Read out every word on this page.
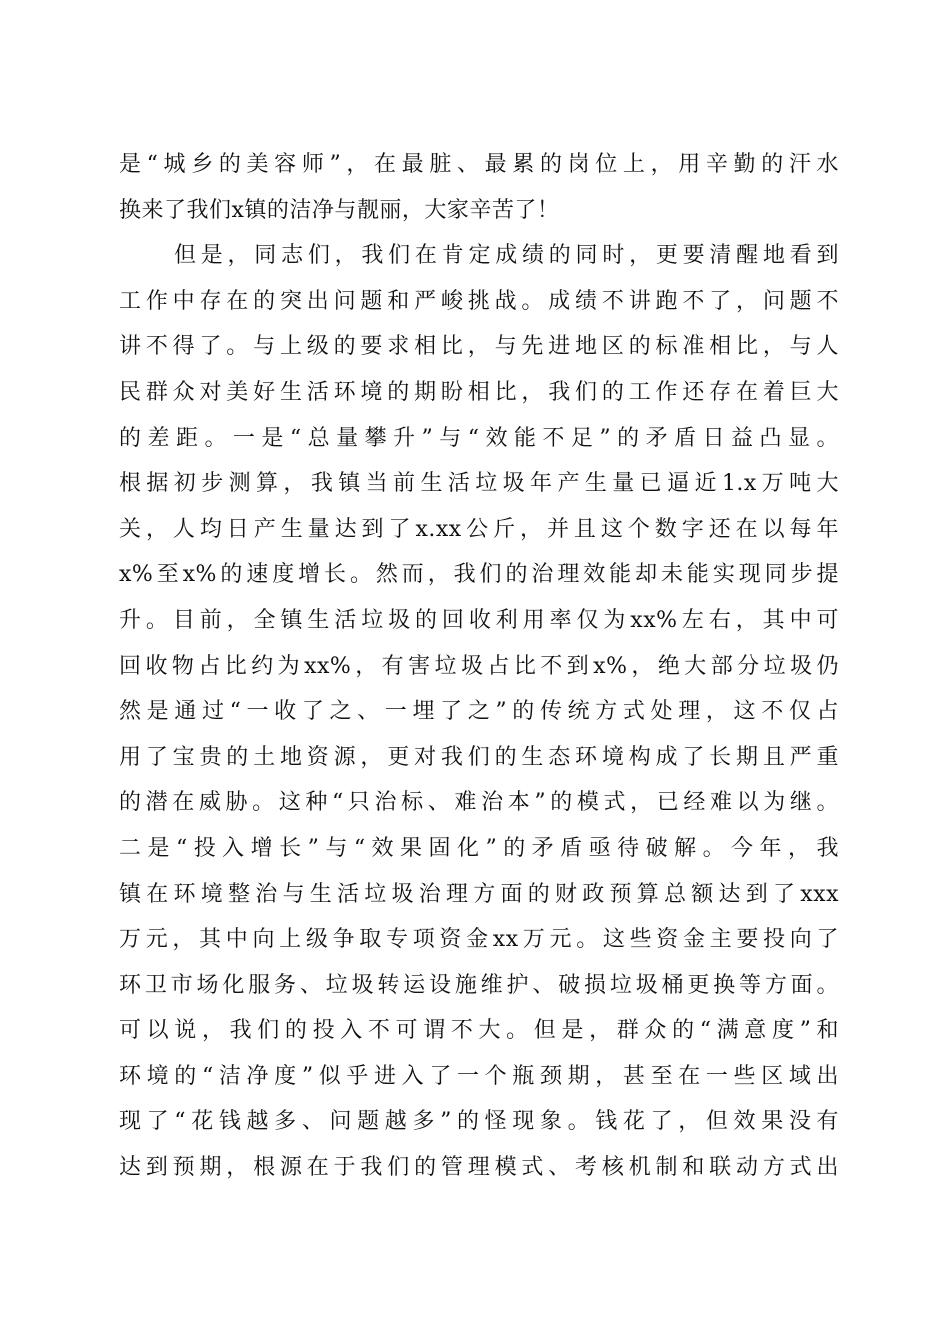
是“城乡的美容师”，在最脏、最累的岗位上，用辛勤的汗水
换来了我们x镇的洁净与靓丽，大家辛苦了！
但是，同志们，我们在肯定成绩的同时，更要清醒地看到
工作中存在的突出问题和严峻挑战。成绩不讲跑不了，问题不
讲不得了。与上级的要求相比，与先进地区的标准相比，与人
民群众对美好生活环境的期盼相比，我们的工作还存在着巨大
的差距。一是“总量攀升”与“效能不足”的矛盾日益凸显。
根据初步测算，我镇当前生活垃圾年产生量已逼近1.x万吨大
关，人均日产生量达到了x.xx公斤，并且这个数字还在以每年
x%至x%的速度增长。然而，我们的治理效能却未能实现同步提
升。目前，全镇生活垃圾的回收利用率仅为xx%左右，其中可
回收物占比约为xx%，有害垃圾占比不到x%，绝大部分垃圾仍
然是通过“一收了之、一埋了之”的传统方式处理，这不仅占
用了宝贵的土地资源，更对我们的生态环境构成了长期且严重
的潜在威胁。这种“只治标、难治本”的模式，已经难以为继。
二是“投入增长”与“效果固化”的矛盾亟待破解。今年，我
镇在环境整治与生活垃圾治理方面的财政预算总额达到了xxx
万元，其中向上级争取专项资金xx万元。这些资金主要投向了
环卫市场化服务、垃圾转运设施维护、破损垃圾桶更换等方面。
可以说，我们的投入不可谓不大。但是，群众的“满意度”和
环境的“洁净度”似乎进入了一个瓶颈期，甚至在一些区域出
现了“花钱越多、问题越多”的怪现象。钱花了，但效果没有
达到预期，根源在于我们的管理模式、考核机制和联动方式出
